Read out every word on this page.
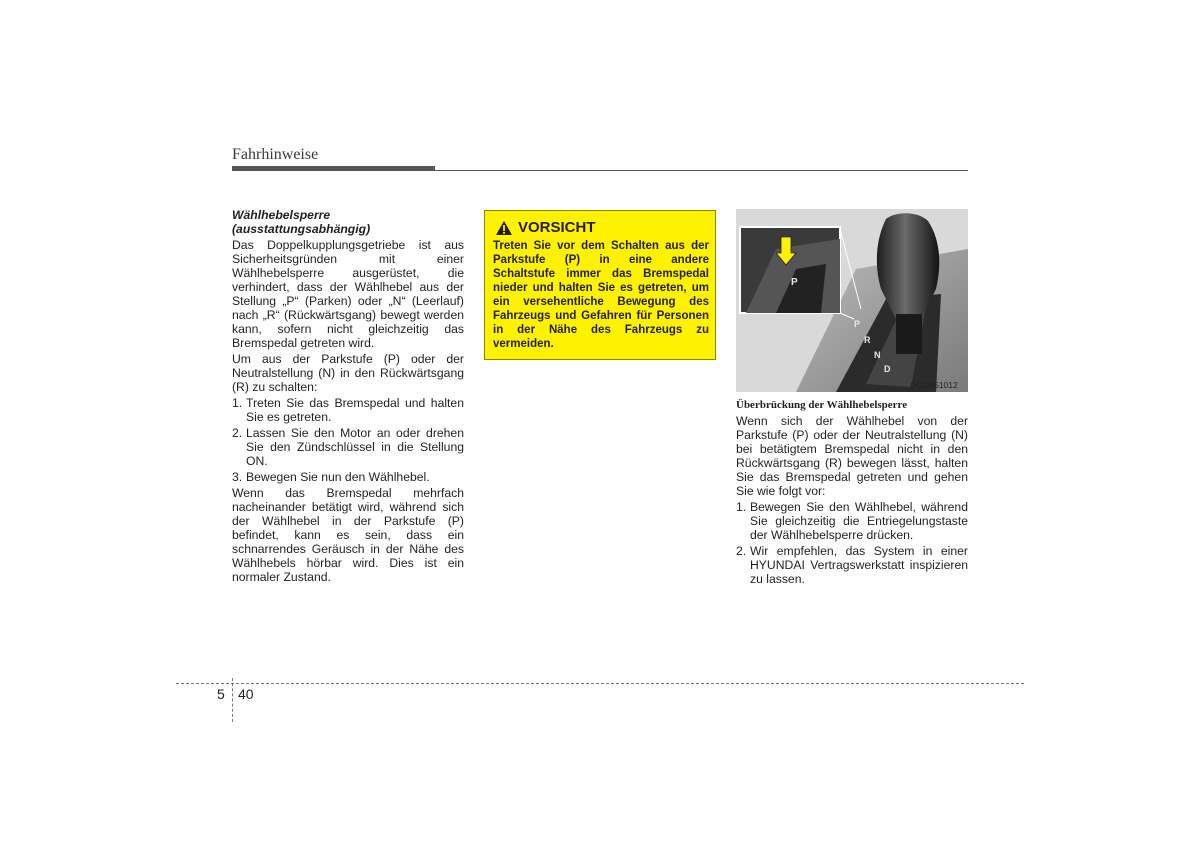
Fahrhinweise

Wählhebelsperre (ausstattungsabhängig)

Das Doppelkupplungsgetriebe ist aus Sicherheitsgründen mit einer Wählhebelsperre ausgerüstet, die verhindert, dass der Wählhebel aus der Stellung „P“ (Parken) oder „N“ (Leerlauf) nach „R“ (Rückwärtsgang) bewegt werden kann, sofern nicht gleichzeitig das Bremspedal getreten wird.

Um aus der Parkstufe (P) oder der Neutralstellung (N) in den Rückwärtsgang (R) zu schalten:

1. Treten Sie das Bremspedal und halten Sie es getreten.
2. Lassen Sie den Motor an oder drehen Sie den Zündschlüssel in die Stellung ON.
3. Bewegen Sie nun den Wählhebel.

Wenn das Bremspedal mehrfach nacheinander betätigt wird, während sich der Wählhebel in der Parkstufe (P) befindet, kann es sein, dass ein schnarrendes Geräusch in der Nähe des Wählhebels hörbar wird. Dies ist ein normaler Zustand.

VORSICHT
Treten Sie vor dem Schalten aus der Parkstufe (P) in eine andere Schaltstufe immer das Bremspedal nieder und halten Sie es getreten, um ein versehentliche Bewegung des Fahrzeugs und Gefahren für Personen in der Nähe des Fahrzeugs zu vermeiden.
P
R
N
D
P
OGD051012

Überbrückung der Wählhebelsperre

Wenn sich der Wählhebel von der Parkstufe (P) oder der Neutralstellung (N) bei betätigtem Bremspedal nicht in den Rückwärtsgang (R) bewegen lässt, halten Sie das Bremspedal getreten und gehen Sie wie folgt vor:

1. Bewegen Sie den Wählhebel, während Sie gleichzeitig die Entriegelungstaste der Wählhebelsperre drücken.
2. Wir empfehlen, das System in einer HYUNDAI Vertragswerkstatt inspizieren zu lassen.
5 40
